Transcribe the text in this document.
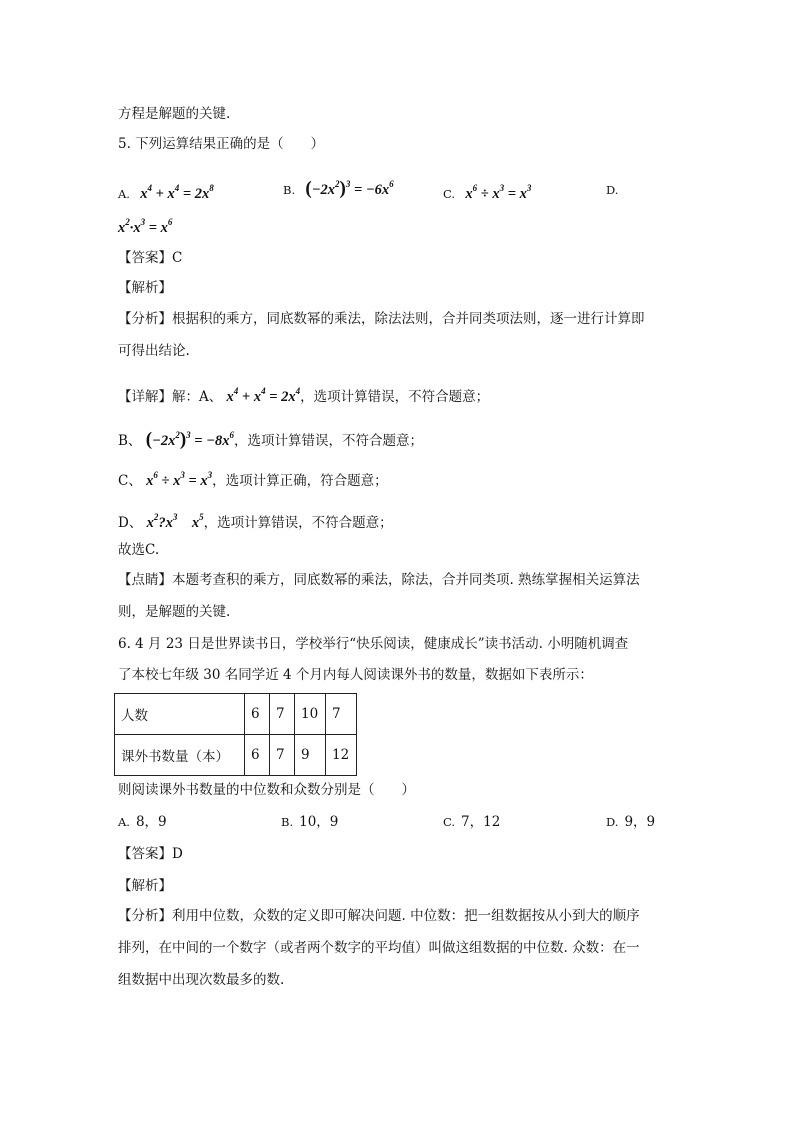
方程是解题的关键.
5. 下列运算结果正确的是（　　）
A. $x^4 + x^4 = 2x^8$	B. $(-2x^2)^3 = -6x^6$
C. $x^6 \div x^3 = x^3$	D.
$x^2\cdot x^3 = x^6$
【答案】C
【解析】
【分析】根据积的乘方，同底数幂的乘法，除法法则，合并同类项法则，逐一进行计算即
可得出结论.
【详解】解：A、 $x^4 + x^4 = 2x^4$，选项计算错误，不符合题意；
B、 $(-2x^2)^3 = -8x^6$，选项计算错误，不符合题意；
C、 $x^6 \div x^3 = x^3$，选项计算正确，符合题意；
D、 $x^2?x^3$　 $x^5$，选项计算错误，不符合题意；
故选C.
【点睛】本题考查积的乘方，同底数幂的乘法，除法，合并同类项. 熟练掌握相关运算法
则，是解题的关键.
6. 4 月 23 日是世界读书日，学校举行“快乐阅读，健康成长”读书活动. 小明随机调查
了本校七年级 30 名同学近 4 个月内每人阅读课外书的数量，数据如下表所示：
人数	6	7	10	7
课外书数量（本）	6	7	9	12
则阅读课外书数量的中位数和众数分别是（　　）
A. 8，9	B. 10，9	C. 7，12	D. 9，9
【答案】D
【解析】
【分析】利用中位数，众数的定义即可解决问题. 中位数：把一组数据按从小到大的顺序
排列，在中间的一个数字（或者两个数字的平均值）叫做这组数据的中位数. 众数：在一
组数据中出现次数最多的数.
